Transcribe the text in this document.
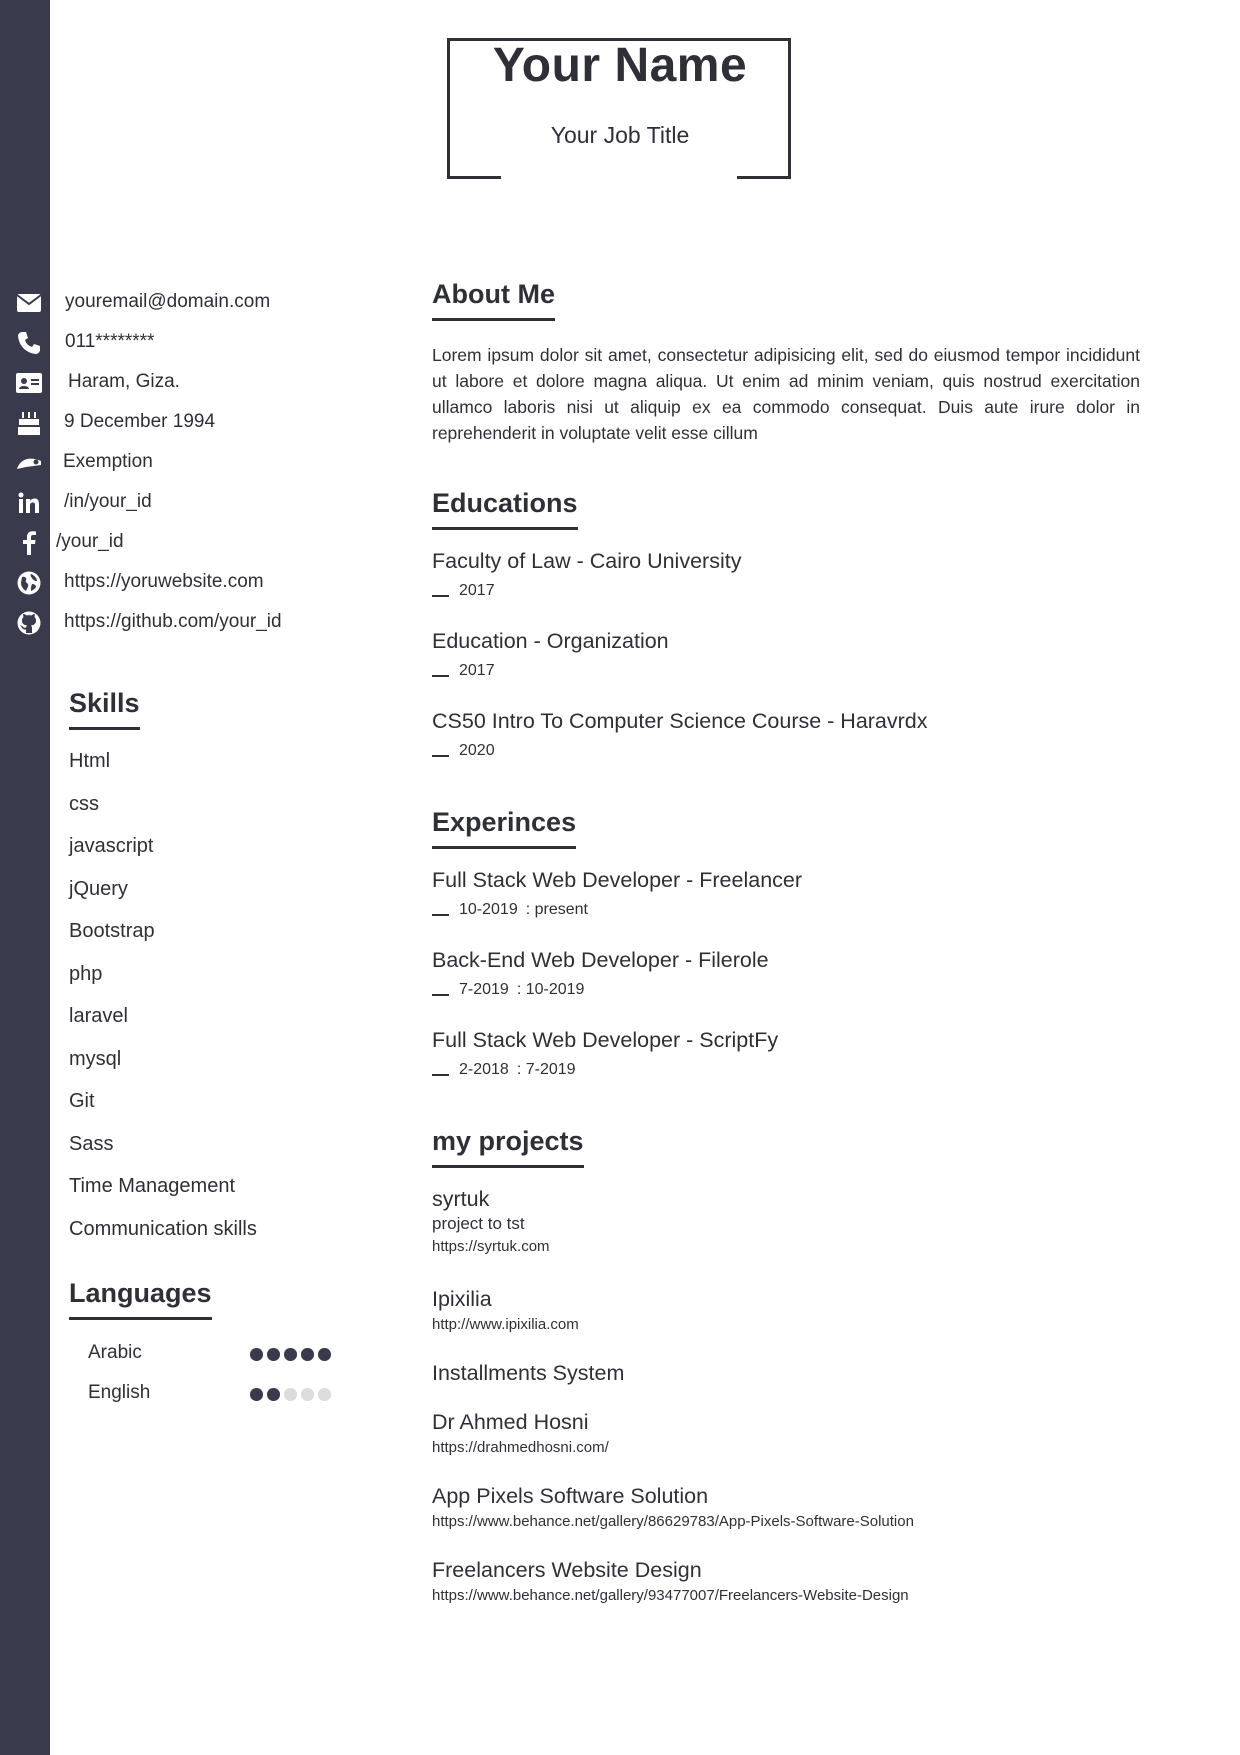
Your Name
Your Job Title
youremail@domain.com
011********
Haram, Giza.
9 December 1994
Exemption
/in/your_id
/your_id
https://yoruwebsite.com
https://github.com/your_id
Skills
Html
css
javascript
jQuery
Bootstrap
php
laravel
mysql
Git
Sass
Time Management
Communication skills
Languages
Arabic
English
About Me
Lorem ipsum dolor sit amet, consectetur adipisicing elit, sed do eiusmod tempor incididunt ut labore et dolore magna aliqua. Ut enim ad minim veniam, quis nostrud exercitation ullamco laboris nisi ut aliquip ex ea commodo consequat. Duis aute irure dolor in reprehenderit in voluptate velit esse cillum
Educations
Faculty of Law - Cairo University
2017
Education - Organization
2017
CS50 Intro To Computer Science Course - Haravrdx
2020
Experinces
Full Stack Web Developer - Freelancer
10-2019 : present
Back-End Web Developer - Filerole
7-2019 : 10-2019
Full Stack Web Developer - ScriptFy
2-2018 : 7-2019
my projects
syrtuk
project to tst
https://syrtuk.com
Ipixilia
http://www.ipixilia.com
Installments System
Dr Ahmed Hosni
https://drahmedhosni.com/
App Pixels Software Solution
https://www.behance.net/gallery/86629783/App-Pixels-Software-Solution
Freelancers Website Design
https://www.behance.net/gallery/93477007/Freelancers-Website-Design
